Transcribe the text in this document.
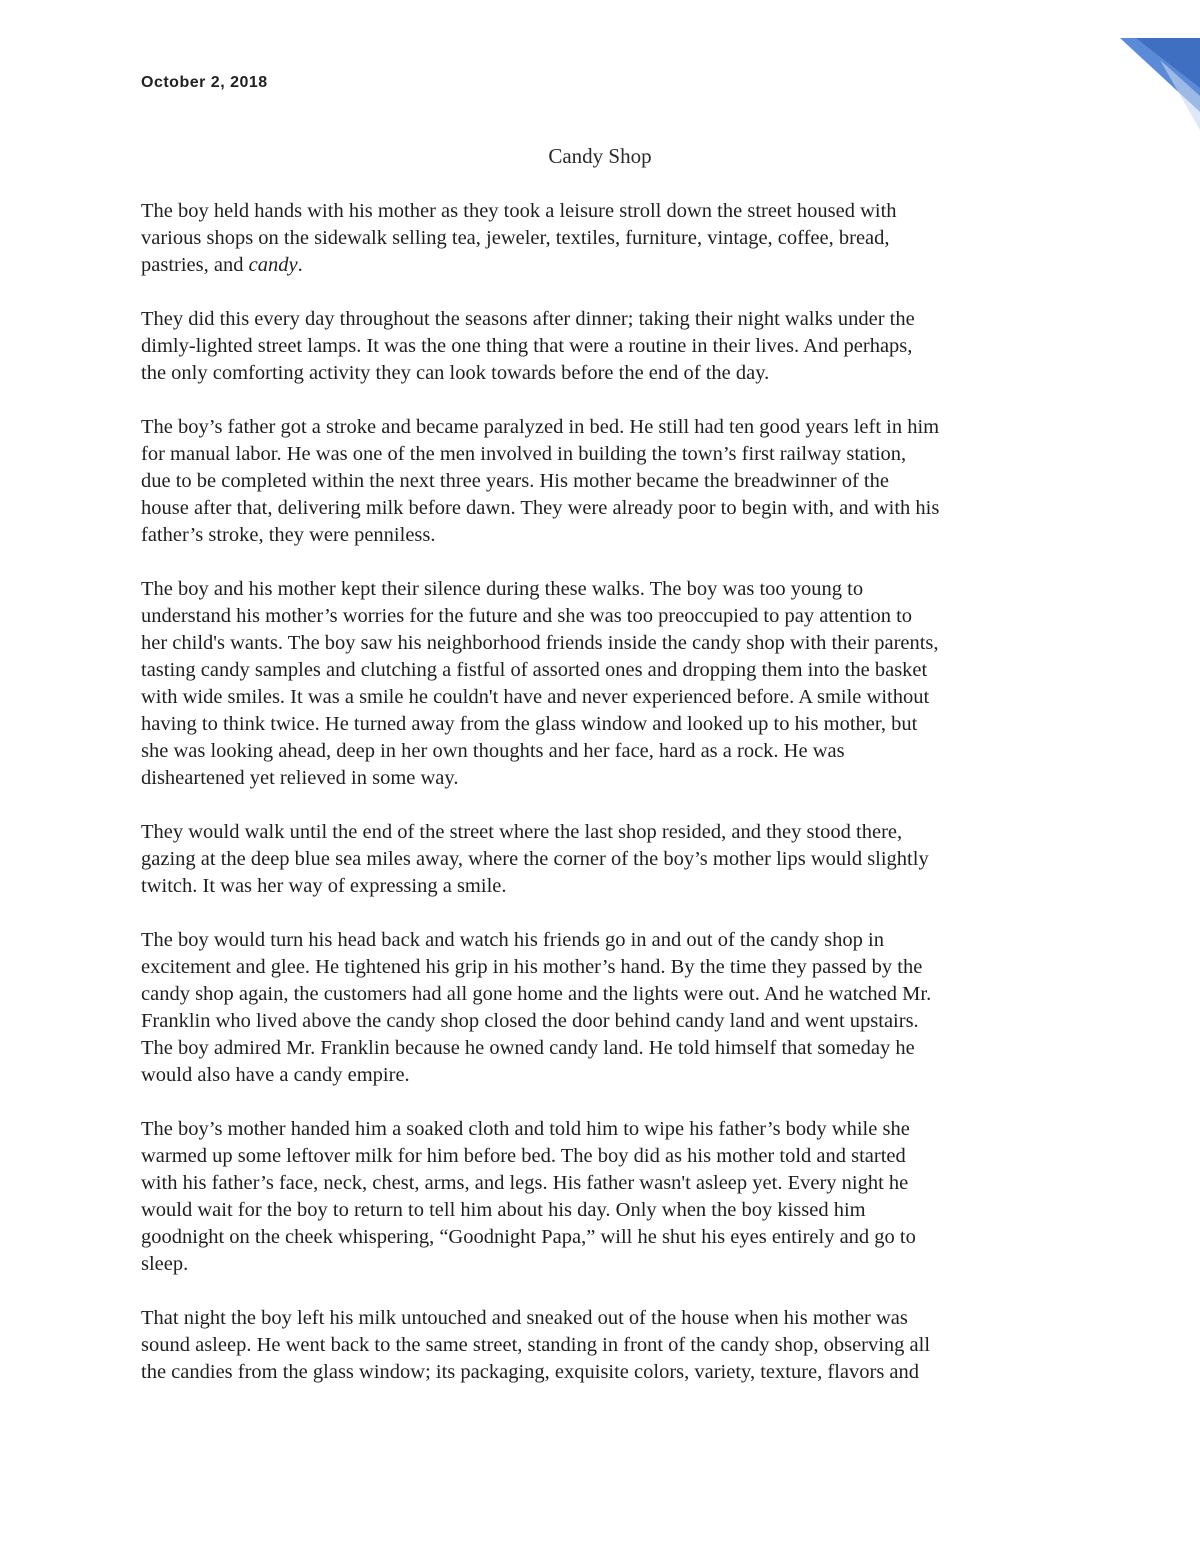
October 2, 2018
Candy Shop

The boy held hands with his mother as they took a leisure stroll down the street housed with
various shops on the sidewalk selling tea, jeweler, textiles, furniture, vintage, coffee, bread,
pastries, and candy.

They did this every day throughout the seasons after dinner; taking their night walks under the
dimly-lighted street lamps. It was the one thing that were a routine in their lives. And perhaps,
the only comforting activity they can look towards before the end of the day.

The boy’s father got a stroke and became paralyzed in bed. He still had ten good years left in him
for manual labor. He was one of the men involved in building the town’s first railway station,
due to be completed within the next three years. His mother became the breadwinner of the
house after that, delivering milk before dawn. They were already poor to begin with, and with his
father’s stroke, they were penniless.

The boy and his mother kept their silence during these walks. The boy was too young to
understand his mother’s worries for the future and she was too preoccupied to pay attention to
her child's wants. The boy saw his neighborhood friends inside the candy shop with their parents,
tasting candy samples and clutching a fistful of assorted ones and dropping them into the basket
with wide smiles. It was a smile he couldn't have and never experienced before. A smile without
having to think twice. He turned away from the glass window and looked up to his mother, but
she was looking ahead, deep in her own thoughts and her face, hard as a rock. He was
disheartened yet relieved in some way.

They would walk until the end of the street where the last shop resided, and they stood there,
gazing at the deep blue sea miles away, where the corner of the boy’s mother lips would slightly
twitch. It was her way of expressing a smile.

The boy would turn his head back and watch his friends go in and out of the candy shop in
excitement and glee. He tightened his grip in his mother’s hand. By the time they passed by the
candy shop again, the customers had all gone home and the lights were out. And he watched Mr.
Franklin who lived above the candy shop closed the door behind candy land and went upstairs.
The boy admired Mr. Franklin because he owned candy land. He told himself that someday he
would also have a candy empire.

The boy’s mother handed him a soaked cloth and told him to wipe his father’s body while she
warmed up some leftover milk for him before bed. The boy did as his mother told and started
with his father’s face, neck, chest, arms, and legs. His father wasn't asleep yet. Every night he
would wait for the boy to return to tell him about his day. Only when the boy kissed him
goodnight on the cheek whispering, “Goodnight Papa,” will he shut his eyes entirely and go to
sleep.

That night the boy left his milk untouched and sneaked out of the house when his mother was
sound asleep. He went back to the same street, standing in front of the candy shop, observing all
the candies from the glass window; its packaging, exquisite colors, variety, texture, flavors and
